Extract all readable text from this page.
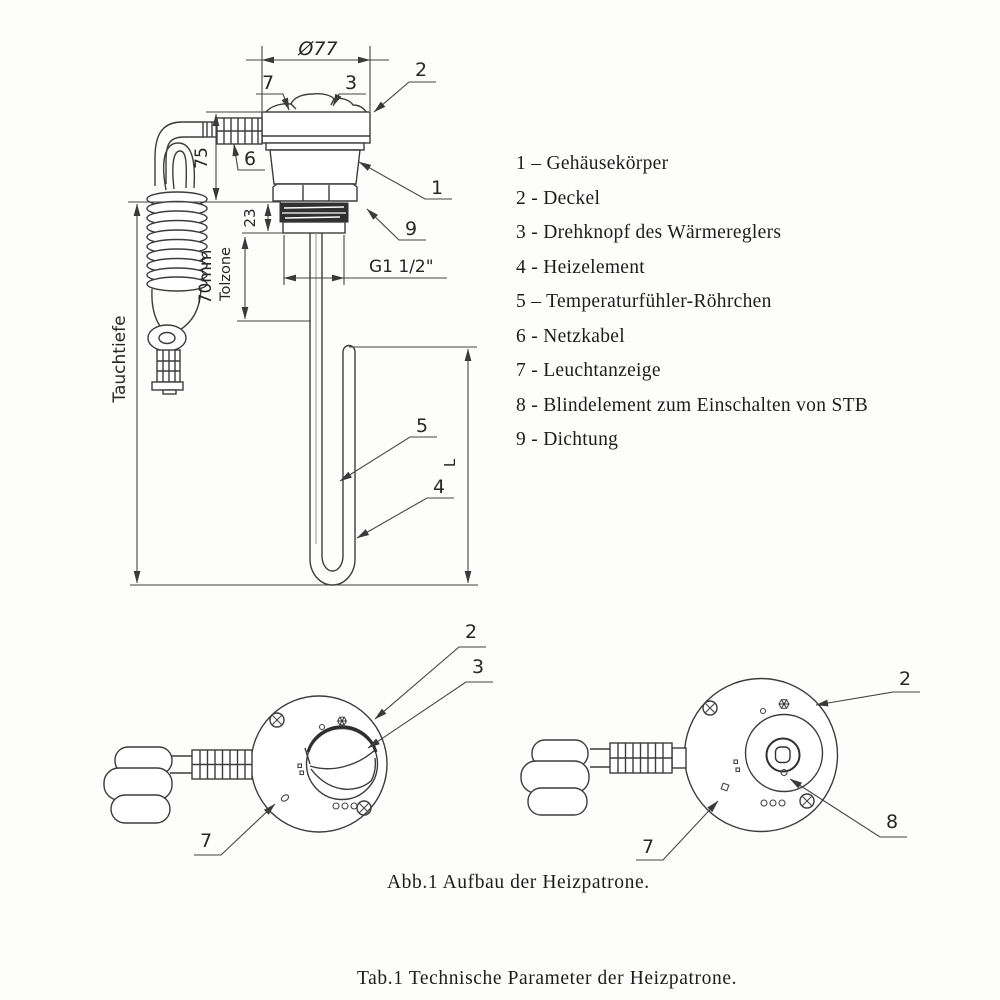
Ø77
75
23
70mm Tolzone	G1 1/2"
Tauchtiefe
L
7	3
2
6
1
9
5
4
2
3
7
2
7
8
1 – Gehäusekörper
2 - Deckel
3 - Drehknopf des Wärmereglers
4 - Heizelement
5 – Temperaturfühler-Röhrchen
6 - Netzkabel
7 - Leuchtanzeige
8 - Blindelement zum Einschalten von STB
9 - Dichtung
Abb.1 Aufbau der Heizpatrone.
Tab.1 Technische Parameter der Heizpatrone.
